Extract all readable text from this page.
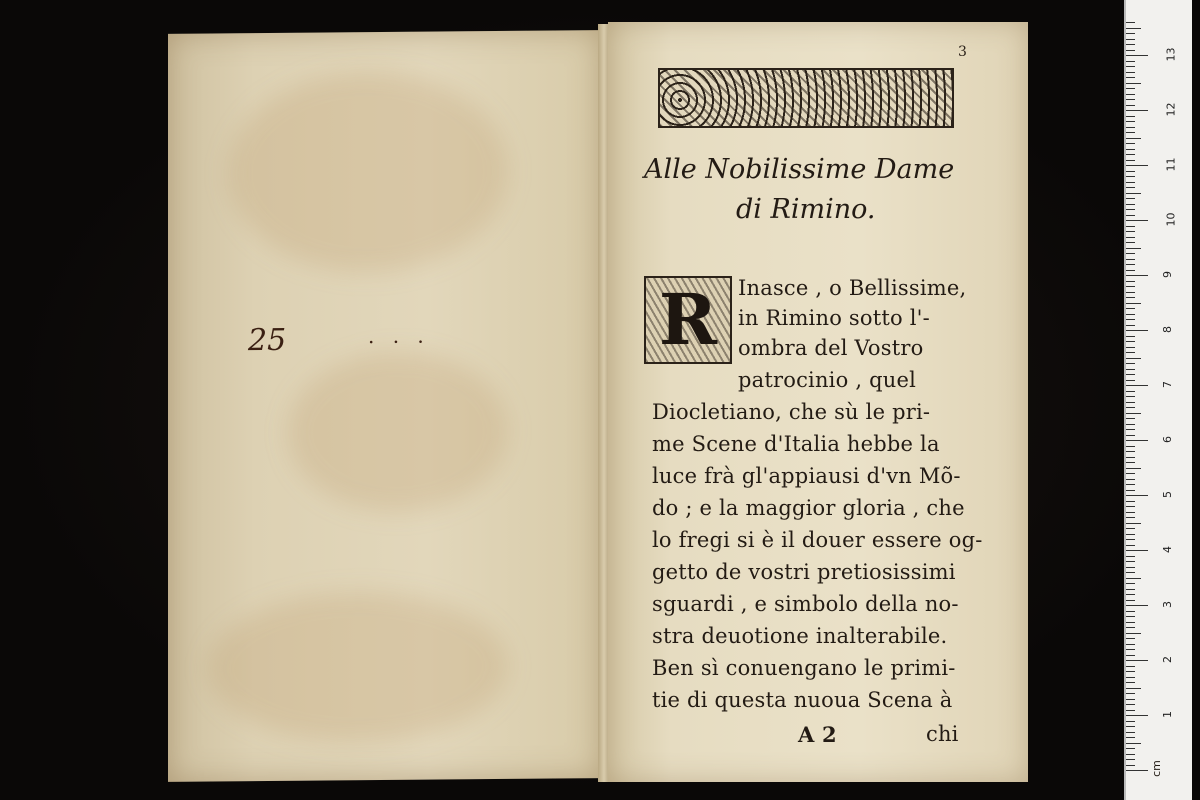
25	. . .
3
Alle Nobilissime Dame
di Rimino.
R Inasce , o Bellissime,
in Rimino sotto l'-
ombra del Vostro
patrocinio , quel
Diocletiano, che sù le pri-
me Scene d'Italia hebbe la
luce frà gl'appiausi d'vn Mõ-
do ; e la maggior gloria , che
lo fregi si è il douer essere og-
getto de vostri pretiosissimi
sguardi , e simbolo della no-
stra deuotione inalterabile.
Ben sì conuengano le primi-
tie di questa nuoua Scena à
A 2	chi
cm
1
2
3
4
5
6
7
8
9
10
11
12
13
